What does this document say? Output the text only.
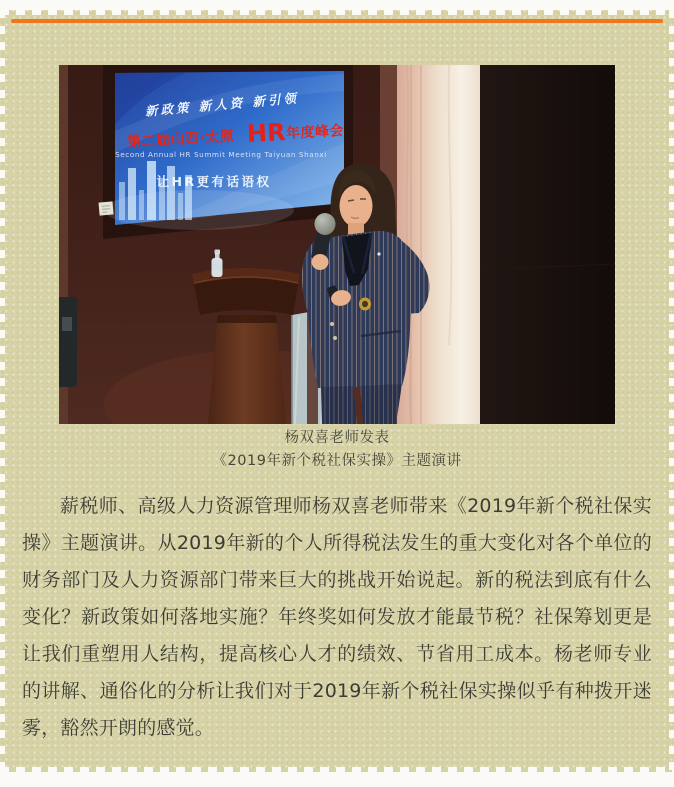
新政策 新人资 新引领
第二届山西·太原 HR 年度峰会
Second Annual HR Summit Meeting Taiyuan Shanxi
让HR更有话语权
杨双喜老师发表
《2019年新个税社保实操》主题演讲

薪税师、高级人力资源管理师杨双喜老师带来《2019年新个税社保实操》主题演讲。从2019年新的个人所得税法发生的重大变化对各个单位的财务部门及人力资源部门带来巨大的挑战开始说起。新的税法到底有什么变化？新政策如何落地实施？年终奖如何发放才能最节税？社保筹划更是让我们重塑用人结构，提高核心人才的绩效、节省用工成本。杨老师专业的讲解、通俗化的分析让我们对于2019年新个税社保实操似乎有种拨开迷雾，豁然开朗的感觉。
